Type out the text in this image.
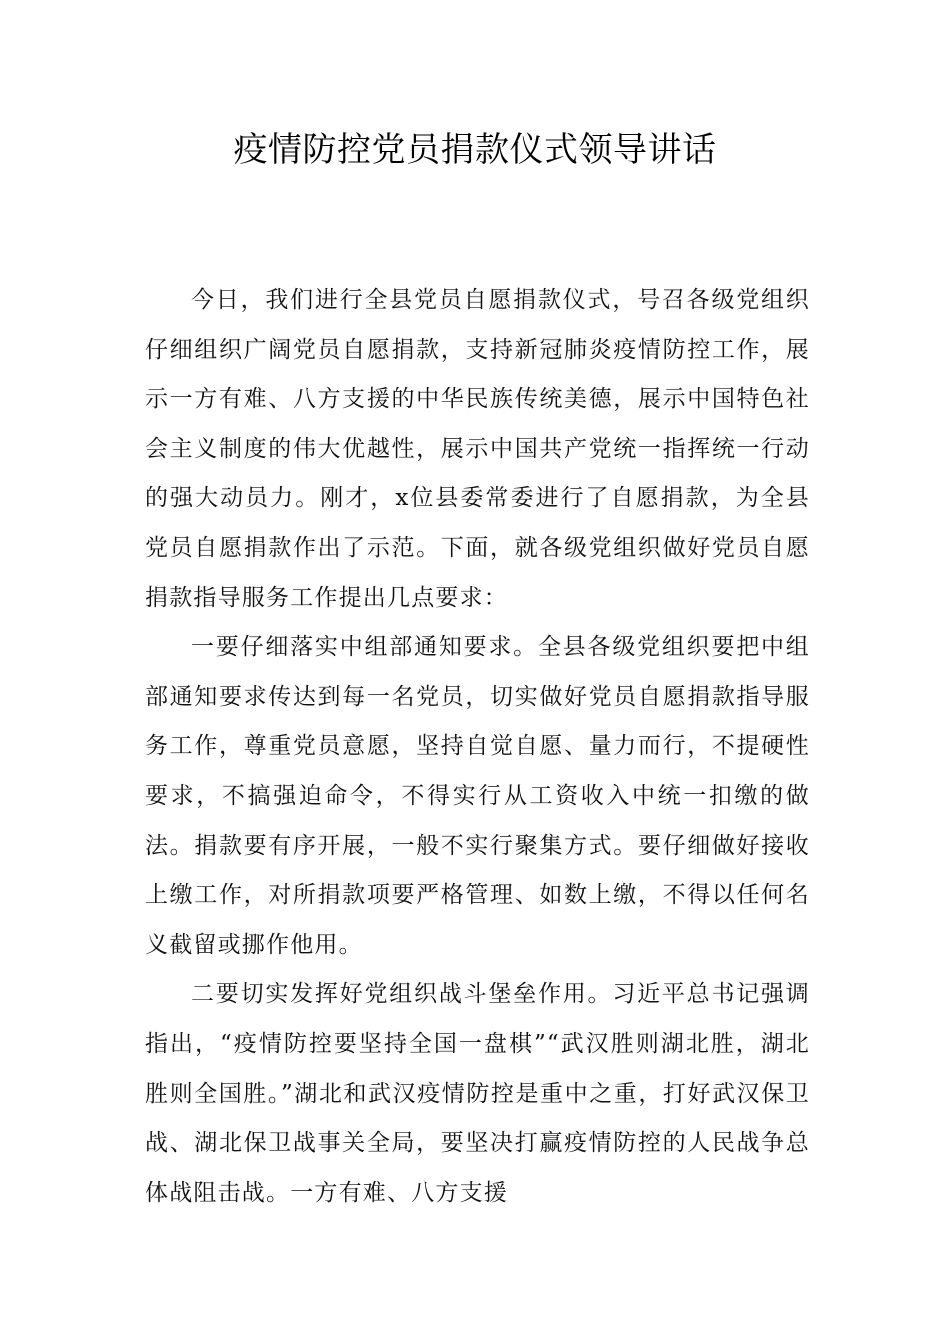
疫情防控党员捐款仪式领导讲话

今日，我们进行全县党员自愿捐款仪式，号召各级党组织仔细组织广阔党员自愿捐款，支持新冠肺炎疫情防控工作，展示一方有难、八方支援的中华民族传统美德，展示中国特色社会主义制度的伟大优越性，展示中国共产党统一指挥统一行动的强大动员力。刚才，x位县委常委进行了自愿捐款，为全县党员自愿捐款作出了示范。下面，就各级党组织做好党员自愿捐款指导服务工作提出几点要求：

一要仔细落实中组部通知要求。全县各级党组织要把中组部通知要求传达到每一名党员，切实做好党员自愿捐款指导服务工作，尊重党员意愿，坚持自觉自愿、量力而行，不提硬性要求，不搞强迫命令，不得实行从工资收入中统一扣缴的做法。捐款要有序开展，一般不实行聚集方式。要仔细做好接收上缴工作，对所捐款项要严格管理、如数上缴，不得以任何名义截留或挪作他用。

二要切实发挥好党组织战斗堡垒作用。习近平总书记强调指出，“疫情防控要坚持全国一盘棋”“武汉胜则湖北胜，湖北胜则全国胜。”湖北和武汉疫情防控是重中之重，打好武汉保卫战、湖北保卫战事关全局，要坚决打赢疫情防控的人民战争总体战阻击战。一方有难、八方支援
